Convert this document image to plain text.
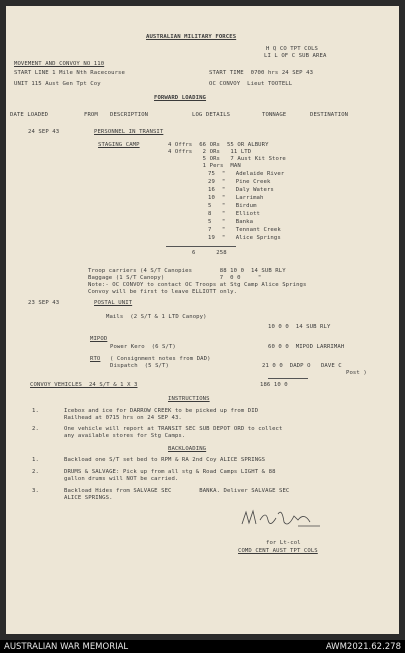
AUSTRALIAN MILITARY FORCES
H Q CO TPT COLS
LI L OF C SUB AREA
MOVEMENT AND CONVOY NO 110
START LINE 1 Mile Nth Racecourse	START TIME  0700 hrs 24 SEP 43
UNIT 115 Aust Gen Tpt Coy	OC CONVOY  Lieut TOOTELL
FORWARD LOADING
DATE LOADED	FROM DESCRIPTION	LOG DETAILS	TONNAGE	DESTINATION
24 SEP 43	PERSONNEL IN TRANSIT
STAGING CAMP	4 Offrs  66 ORs  55 OR ALBURY
4 Offrs   2 ORs   11 LTD
5 ORs   7 Aust Kit Store
1 Pers  MAN
75  "   Adelaide River
29  "   Pine Creek
16  "   Daly Waters
10  "   Larrimah
5   "   Birdum
8   "   Elliott
5   "   Banka
7   "   Tennant Creek
19  "   Alice Springs
6      258
Troop carriers (4 S/T Canopies        88 10 0  14 SUB RLY
Baggage (1 S/T Canopy)                7  0 0     "
Note:- OC CONVOY to contact OC Troops at Stg Camp Alice Springs
Convoy will be first to leave ELLIOTT only.
23 SEP 43	POSTAL UNIT
Mails  (2 S/T & 1 LTD Canopy)
10 0 0  14 SUB RLY
MIPOD
Power Kero  (6 S/T)	60 0 0  MIPOD LARRIMAH
RTO ( Consignment notes from DAD)
Dispatch  (5 S/T)	21 0 0  DADP O   DAVE C
Post )
CONVOY VEHICLES  24 S/T & 1 X 3	186 10 0
INSTRUCTIONS
1.	Icebox and ice for DARROW CREEK to be picked up from DID
Railhead at 0715 hrs on 24 SEP 43.
2.	One vehicle will report at TRANSIT SEC SUB DEPOT ORD to collect
any available stores for Stg Camps.
BACKLOADING
1.	Backload one S/T set bed to RPM & RA 2nd Coy ALICE SPRINGS
2.	DRUMS & SALVAGE: Pick up from all stg & Road Camps LIGHT & 88
gallon drums will NOT be carried.
3.	Backload Hides from SALVAGE SEC        BANKA. Deliver SALVAGE SEC
ALICE SPRINGS.
for Lt-col
COMD CENT AUST TPT COLS
AUSTRALIAN WAR MEMORIAL	AWM2021.62.278
